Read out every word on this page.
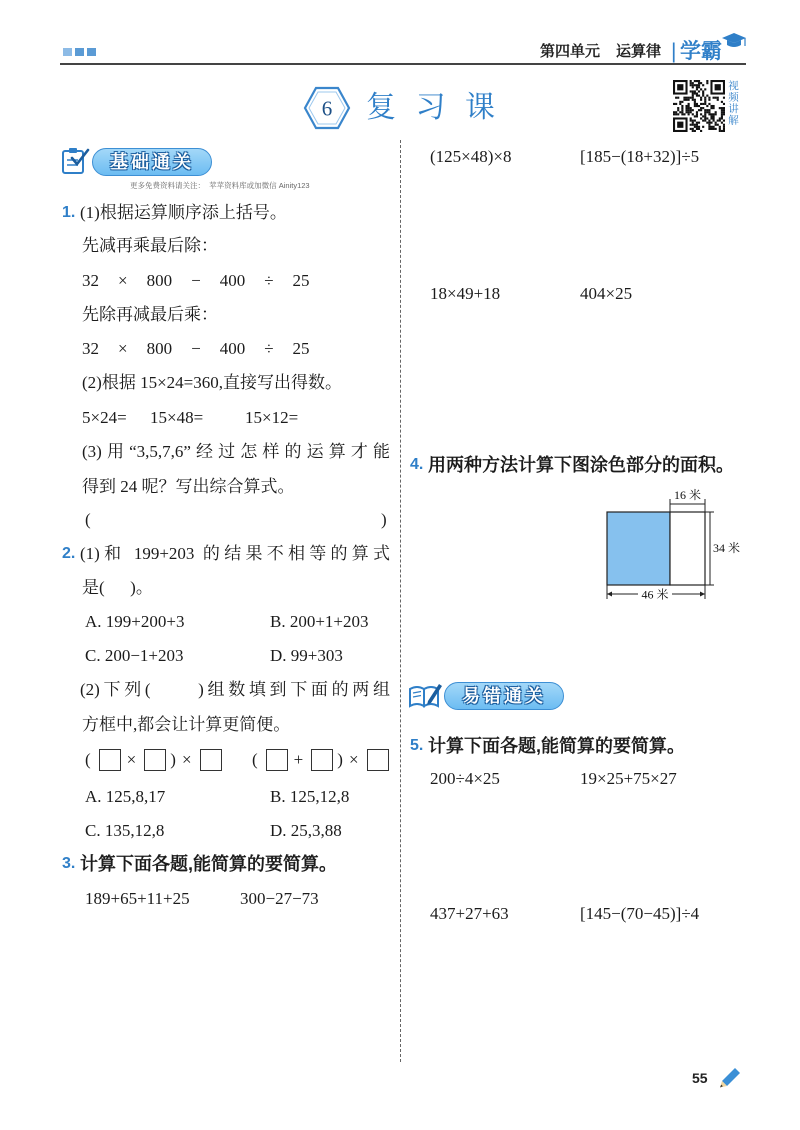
第四单元 运算律 | 学霸
6 复 习 课	视频讲解
基础通关
更多免费资料请关注：  苹苹资料库或加微信 Ainity123
1. (1)根据运算顺序添上括号。
先减再乘最后除：
32 × 800 − 400 ÷ 25
先除再减最后乘：
32 × 800 − 400 ÷ 25
(2)根据 15×24=360,直接写出得数。
5×24= 15×48= 15×12=
(3)用“3,5,7,6”经过怎样的运算才能
得到 24 呢？写出综合算式。
(	)
2. (1)和 199+203 的结果不相等的算式
是(      )。
A. 199+200+3	B. 200+1+203
C. 200−1+203	D. 99+303
(2)下列(      )组数填到下面的两组
方框中,都会让计算更简便。
( × ) ×	( + ) ×
A. 125,8,17	B. 125,12,8
C. 135,12,8	D. 25,3,88
3. 计算下面各题,能简算的要简算。
189+65+11+25	300−27−73
(125×48)×8	[185−(18+32)]÷5
18×49+18	404×25
4. 用两种方法计算下图涂色部分的面积。
16 米
34 米
46 米
易错通关
5. 计算下面各题,能简算的要简算。
200÷4×25	19×25+75×27
437+27+63	[145−(70−45)]÷4
55
